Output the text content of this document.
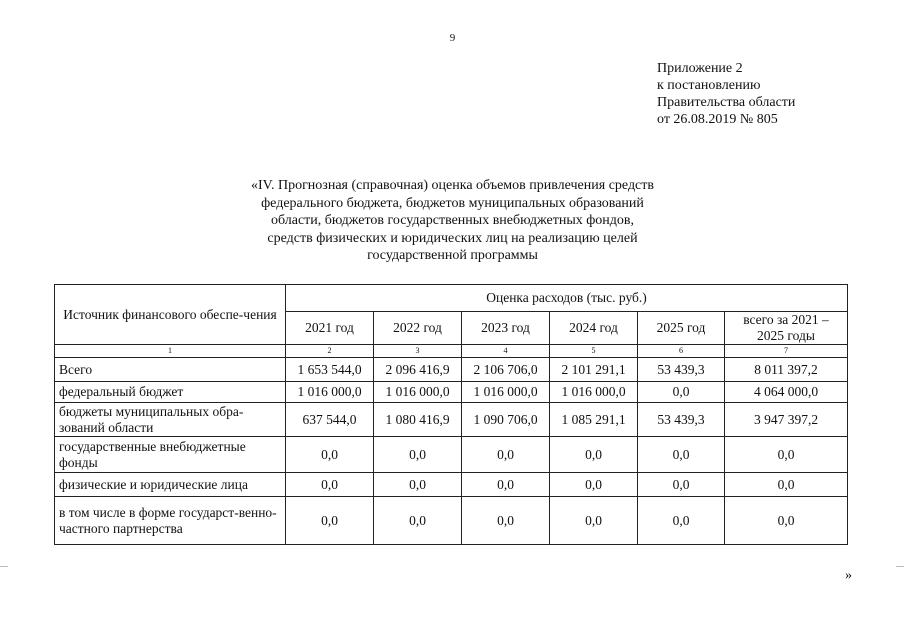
9
Приложение 2
к постановлению
Правительства области
от 26.08.2019 № 805
«IV. Прогнозная (справочная) оценка объемов привлечения средств
федерального бюджета, бюджетов муниципальных образований
области, бюджетов государственных внебюджетных фондов,
средств физических и юридических лиц на реализацию целей
государственной программы
Источник финансового обеспе-чения	Оценка расходов (тыс. руб.)					
	2021 год	2022 год	2023 год	2024 год	2025 год	всего за 2021 – 2025 годы
1	2	3	4	5	6	7
Всего	1 653 544,0	2 096 416,9	2 106 706,0	2 101 291,1	53 439,3	8 011 397,2
федеральный бюджет	1 016 000,0	1 016 000,0	1 016 000,0	1 016 000,0	0,0	4 064 000,0
бюджеты муниципальных обра-зований области	637 544,0	1 080 416,9	1 090 706,0	1 085 291,1	53 439,3	3 947 397,2
государственные внебюджетные фонды	0,0	0,0	0,0	0,0	0,0	0,0
физические и юридические лица	0,0	0,0	0,0	0,0	0,0	0,0
в том числе в форме государст-венно-частного партнерства	0,0	0,0	0,0	0,0	0,0	0,0
»
